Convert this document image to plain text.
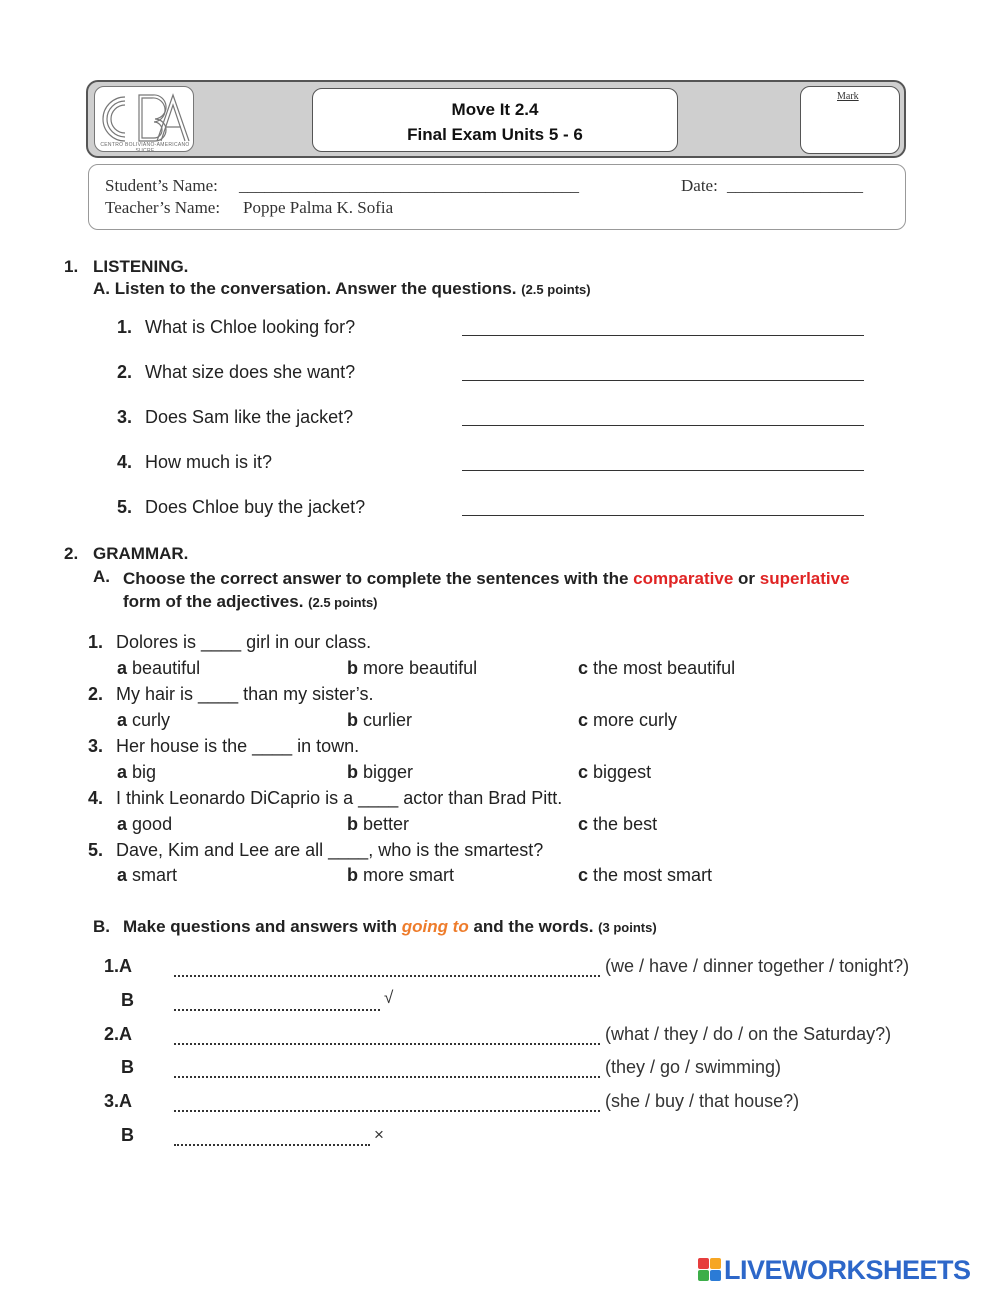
CENTRO BOLIVIANO-AMERICANO SUCRE
Move It 2.4
Final Exam Units 5 - 6
Mark
Student’s Name: ________________________________________	Date: ________________
Teacher’s Name: Poppe Palma K. Sofia
1. LISTENING.
A. Listen to the conversation. Answer the questions. (2.5 points)
1. What is Chloe looking for?
2. What size does she want?
3. Does Sam like the jacket?
4. How much is it?
5. Does Chloe buy the jacket?
2. GRAMMAR.
A. Choose the correct answer to complete the sentences with the comparative or superlative form of the adjectives. (2.5 points)
1. Dolores is ____ girl in our class.
a beautiful	b more beautiful	c the most beautiful
2. My hair is ____ than my sister’s.
a curly	b curlier	c more curly
3. Her house is the ____ in town.
a big	b bigger	c biggest
4. I think Leonardo DiCaprio is a ____ actor than Brad Pitt.
a good	b better	c the best
5. Dave, Kim and Lee are all ____, who is the smartest?
a smart	b more smart	c the most smart
B. Make questions and answers with going to and the words. (3 points)
1.A	(we / have / dinner together / tonight?)
B	√
2.A	(what / they / do / on the Saturday?)
B	(they / go / swimming)
3.A	(she / buy / that house?)
B	×
LIVEWORKSHEETS
